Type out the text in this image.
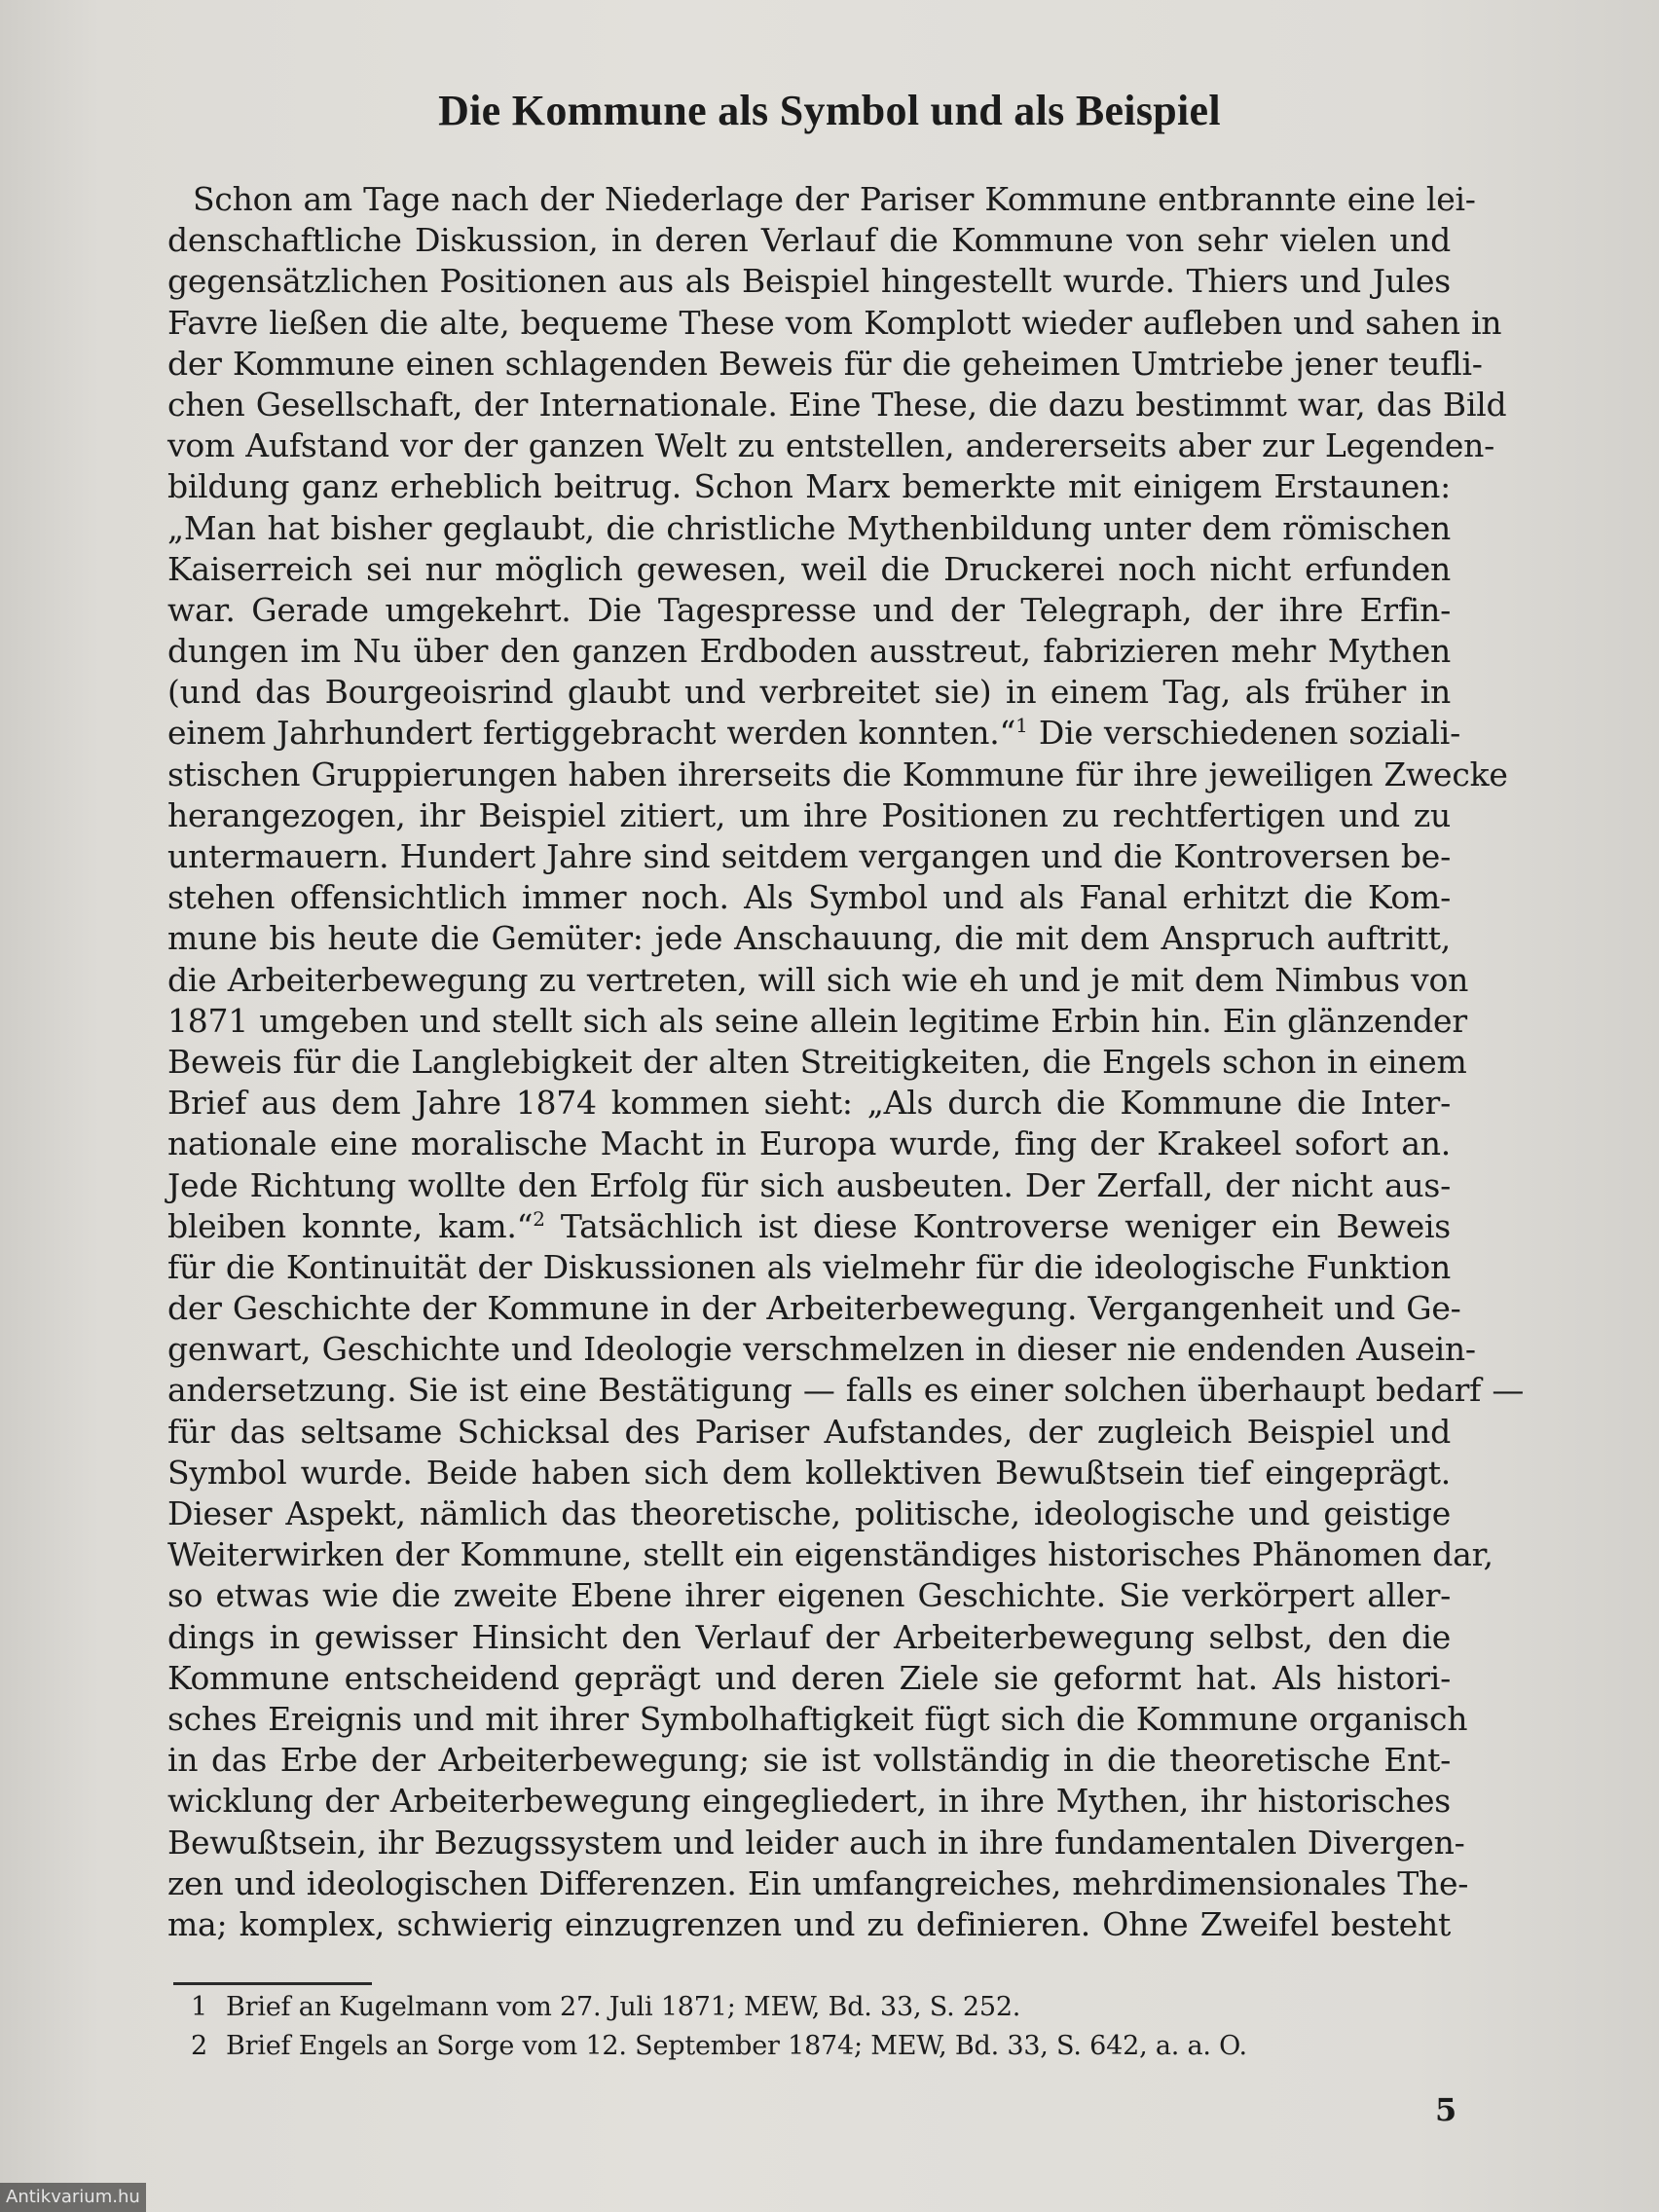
Die Kommune als Symbol und als Beispiel
Schon am Tage nach der Niederlage der Pariser Kommune entbrannte eine lei-
denschaftliche Diskussion, in deren Verlauf die Kommune von sehr vielen und
gegensätzlichen Positionen aus als Beispiel hingestellt wurde. Thiers und Jules
Favre ließen die alte, bequeme These vom Komplott wieder aufleben und sahen in
der Kommune einen schlagenden Beweis für die geheimen Umtriebe jener teufli-
chen Gesellschaft, der Internationale. Eine These, die dazu bestimmt war, das Bild
vom Aufstand vor der ganzen Welt zu entstellen, andererseits aber zur Legenden-
bildung ganz erheblich beitrug. Schon Marx bemerkte mit einigem Erstaunen:
„Man hat bisher geglaubt, die christliche Mythenbildung unter dem römischen
Kaiserreich sei nur möglich gewesen, weil die Druckerei noch nicht erfunden
war. Gerade umgekehrt. Die Tagespresse und der Telegraph, der ihre Erfin-
dungen im Nu über den ganzen Erdboden ausstreut, fabrizieren mehr Mythen
(und das Bourgeoisrind glaubt und verbreitet sie) in einem Tag, als früher in
einem Jahrhundert fertiggebracht werden konnten.“$^1$ Die verschiedenen soziali-
stischen Gruppierungen haben ihrerseits die Kommune für ihre jeweiligen Zwecke
herangezogen, ihr Beispiel zitiert, um ihre Positionen zu rechtfertigen und zu
untermauern. Hundert Jahre sind seitdem vergangen und die Kontroversen be-
stehen offensichtlich immer noch. Als Symbol und als Fanal erhitzt die Kom-
mune bis heute die Gemüter: jede Anschauung, die mit dem Anspruch auftritt,
die Arbeiterbewegung zu vertreten, will sich wie eh und je mit dem Nimbus von
1871 umgeben und stellt sich als seine allein legitime Erbin hin. Ein glänzender
Beweis für die Langlebigkeit der alten Streitigkeiten, die Engels schon in einem
Brief aus dem Jahre 1874 kommen sieht: „Als durch die Kommune die Inter-
nationale eine moralische Macht in Europa wurde, fing der Krakeel sofort an.
Jede Richtung wollte den Erfolg für sich ausbeuten. Der Zerfall, der nicht aus-
bleiben konnte, kam.“$^2$ Tatsächlich ist diese Kontroverse weniger ein Beweis
für die Kontinuität der Diskussionen als vielmehr für die ideologische Funktion
der Geschichte der Kommune in der Arbeiterbewegung. Vergangenheit und Ge-
genwart, Geschichte und Ideologie verschmelzen in dieser nie endenden Ausein-
andersetzung. Sie ist eine Bestätigung — falls es einer solchen überhaupt bedarf —
für das seltsame Schicksal des Pariser Aufstandes, der zugleich Beispiel und
Symbol wurde. Beide haben sich dem kollektiven Bewußtsein tief eingeprägt.
Dieser Aspekt, nämlich das theoretische, politische, ideologische und geistige
Weiterwirken der Kommune, stellt ein eigenständiges historisches Phänomen dar,
so etwas wie die zweite Ebene ihrer eigenen Geschichte. Sie verkörpert aller-
dings in gewisser Hinsicht den Verlauf der Arbeiterbewegung selbst, den die
Kommune entscheidend geprägt und deren Ziele sie geformt hat. Als histori-
sches Ereignis und mit ihrer Symbolhaftigkeit fügt sich die Kommune organisch
in das Erbe der Arbeiterbewegung; sie ist vollständig in die theoretische Ent-
wicklung der Arbeiterbewegung eingegliedert, in ihre Mythen, ihr historisches
Bewußtsein, ihr Bezugssystem und leider auch in ihre fundamentalen Divergen-
zen und ideologischen Differenzen. Ein umfangreiches, mehrdimensionales The-
ma; komplex, schwierig einzugrenzen und zu definieren. Ohne Zweifel besteht
1 Brief an Kugelmann vom 27. Juli 1871; MEW, Bd. 33, S. 252.
2 Brief Engels an Sorge vom 12. September 1874; MEW, Bd. 33, S. 642, a. a. O.
5
Antikvarium.hu
